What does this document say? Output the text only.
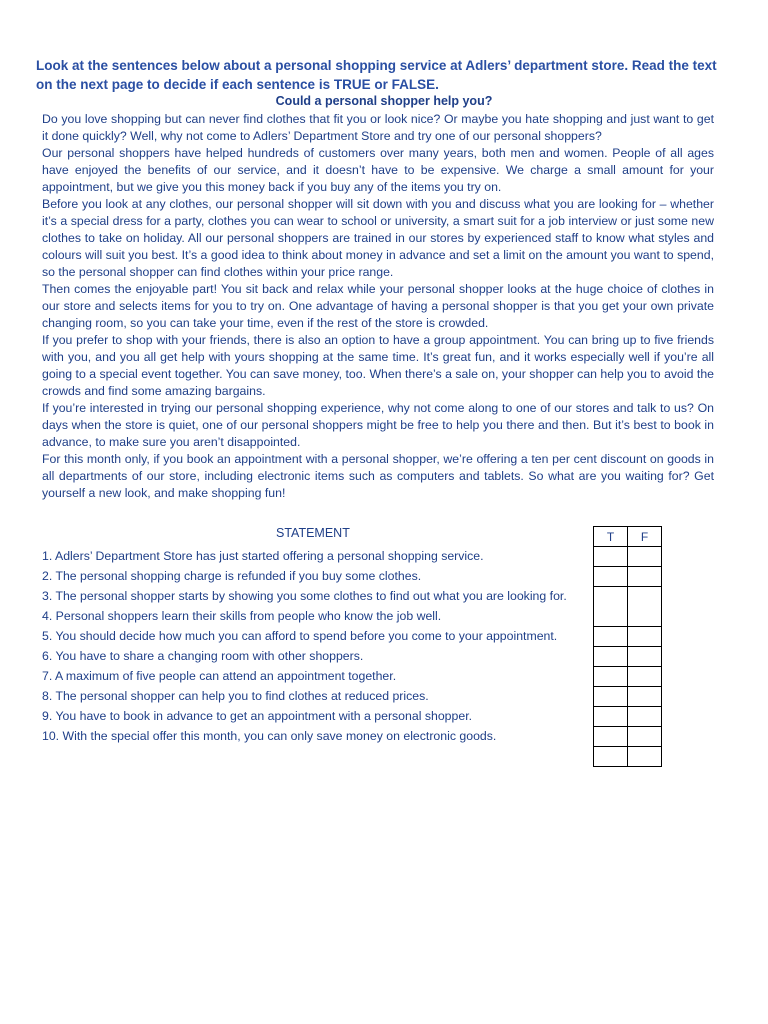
Look at the sentences below about a personal shopping service at Adlers’ department store. Read the text on the next page to decide if each sentence is TRUE or FALSE.
Could a personal shopper help you?

Do you love shopping but can never find clothes that fit you or look nice? Or maybe you hate shopping and just want to get it done quickly? Well, why not come to Adlers’ Department Store and try one of our personal shoppers?

Our personal shoppers have helped hundreds of customers over many years, both men and women. People of all ages have enjoyed the benefits of our service, and it doesn’t have to be expensive. We charge a small amount for your appointment, but we give you this money back if you buy any of the items you try on.

Before you look at any clothes, our personal shopper will sit down with you and discuss what you are looking for – whether it’s a special dress for a party, clothes you can wear to school or university, a smart suit for a job interview or just some new clothes to take on holiday. All our personal shoppers are trained in our stores by experienced staff to know what styles and colours will suit you best. It’s a good idea to think about money in advance and set a limit on the amount you want to spend, so the personal shopper can find clothes within your price range.

Then comes the enjoyable part! You sit back and relax while your personal shopper looks at the huge choice of clothes in our store and selects items for you to try on. One advantage of having a personal shopper is that you get your own private changing room, so you can take your time, even if the rest of the store is crowded.

If you prefer to shop with your friends, there is also an option to have a group appointment. You can bring up to five friends with you, and you all get help with yours shopping at the same time. It’s great fun, and it works especially well if you’re all going to a special event together. You can save money, too. When there’s a sale on, your shopper can help you to avoid the crowds and find some amazing bargains.

If you’re interested in trying our personal shopping experience, why not come along to one of our stores and talk to us? On days when the store is quiet, one of our personal shoppers might be free to help you there and then. But it’s best to book in advance, to make sure you aren’t disappointed.

For this month only, if you book an appointment with a personal shopper, we’re offering a ten per cent discount on goods in all departments of our store, including electronic items such as computers and tablets. So what are you waiting for? Get yourself a new look, and make shopping fun!

STATEMENT

1. Adlers’ Department Store has just started offering a personal shopping service.

2. The personal shopping charge is refunded if you buy some clothes.

3. The personal shopper starts by showing you some clothes to find out what you are looking for.

4. Personal shoppers learn their skills from people who know the job well.

5. You should decide how much you can afford to spend before you come to your appointment.

6. You have to share a changing room with other shoppers.

7. A maximum of five people can attend an appointment together.

8. The personal shopper can help you to find clothes at reduced prices.

9. You have to book in advance to get an appointment with a personal shopper.

10. With the special offer this month, you can only save money on electronic goods.

T	F
